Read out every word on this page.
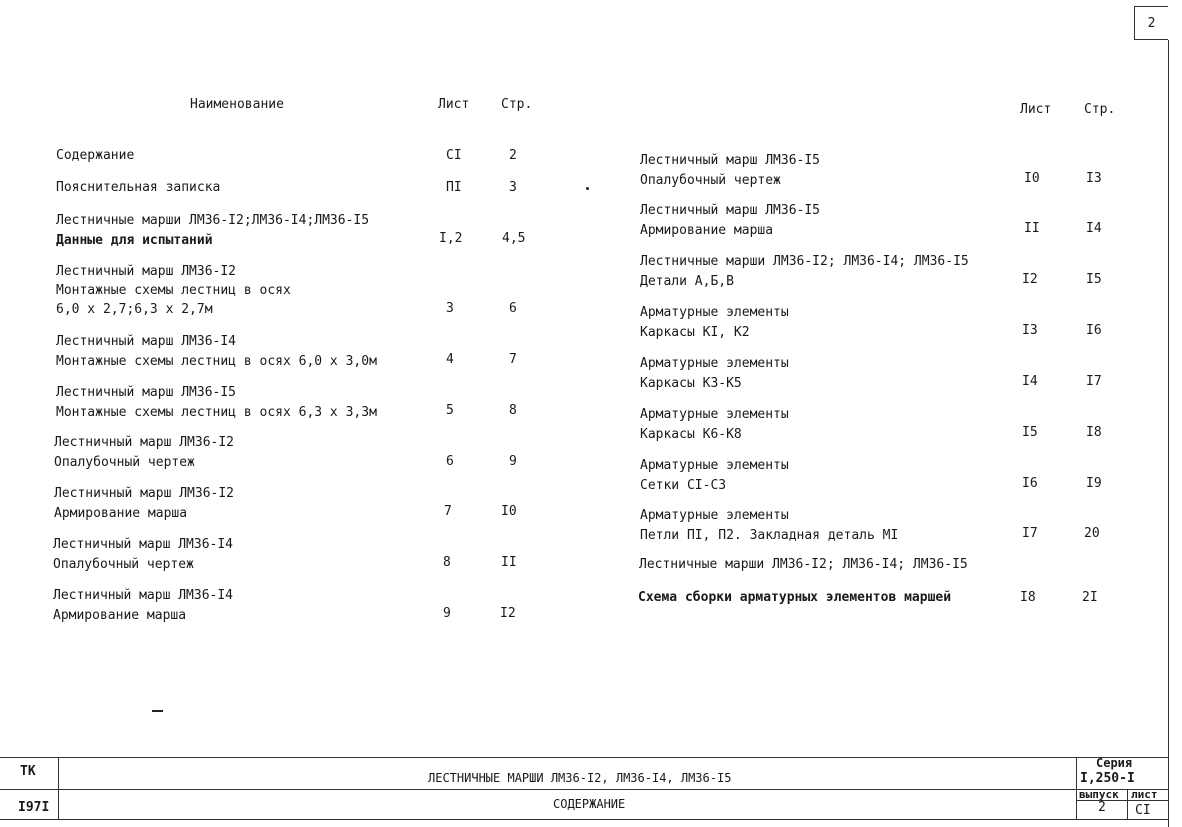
2
Наименование	Лист Стр.	Лист	Стр.
Содержание	CI	2
Пояснительная записка	ПI	3
Лестничные марши ЛМ36-I2;ЛМ36-I4;ЛМ36-I5
Данные для испытаний	I,2	4,5
Лестничный марш ЛМ36-I2
Монтажные схемы лестниц в осях
6,0 х 2,7;6,3 х 2,7м	3	6
Лестничный марш ЛМ36-I4
Монтажные схемы лестниц в осях 6,0 х 3,0м	4	7
Лестничный марш ЛМ36-I5
Монтажные схемы лестниц в осях 6,3 х 3,3м	5	8
Лестничный марш ЛМ36-I2
Опалубочный чертеж	6	9
Лестничный марш ЛМ36-I2
Армирование марша	7	I0
Лестничный марш ЛМ36-I4
Опалубочный чертеж	8	II
Лестничный марш ЛМ36-I4
Армирование марша	9	I2
Лестничный марш ЛМ36-I5
Опалубочный чертеж	I0	I3
Лестничный марш ЛМ36-I5
Армирование марша	II	I4
Лестничные марши ЛМ36-I2; ЛМ36-I4; ЛМ36-I5
Детали А,Б,В	I2	I5
Арматурные элементы
Каркасы КI, К2	I3	I6
Арматурные элементы
Каркасы К3-К5	I4	I7
Арматурные элементы
Каркасы К6-К8	I5	I8
Арматурные элементы
Сетки CI-C3	I6	I9
Арматурные элементы
Петли ПI, П2. Закладная деталь МI	I7	20
Лестничные марши ЛМ36-I2; ЛМ36-I4; ЛМ36-I5
Схема сборки арматурных элементов маршей	I8	2I
ТК
I97I
ЛЕСТНИЧНЫЕ МАРШИ ЛМ36-I2, ЛМ36-I4, ЛМ36-I5
СОДЕРЖАНИЕ
Серия
I,250-I
выпуск лист
2 CI
